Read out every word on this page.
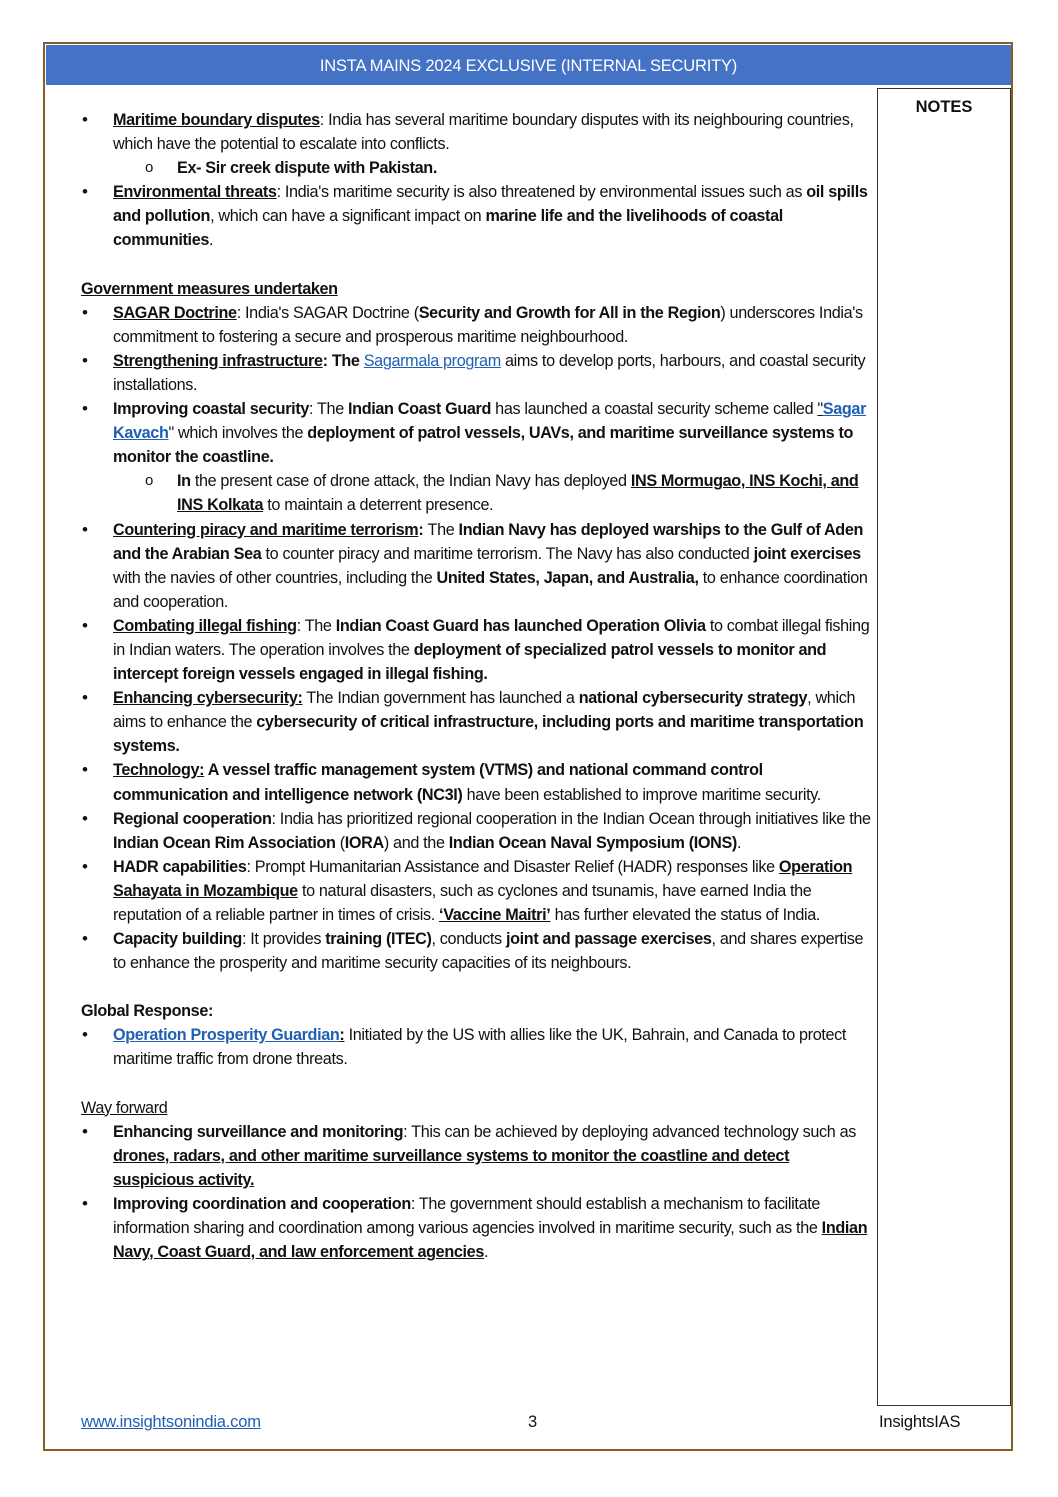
INSTA MAINS 2024 EXCLUSIVE (INTERNAL SECURITY)
NOTES
• Maritime boundary disputes: India has several maritime boundary disputes with its neighbouring countries, which have the potential to escalate into conflicts.
o Ex- Sir creek dispute with Pakistan.
• Environmental threats: India's maritime security is also threatened by environmental issues such as oil spills and pollution, which can have a significant impact on marine life and the livelihoods of coastal communities.
Government measures undertaken
• SAGAR Doctrine: India's SAGAR Doctrine (Security and Growth for All in the Region) underscores India's commitment to fostering a secure and prosperous maritime neighbourhood.
• Strengthening infrastructure: The Sagarmala program aims to develop ports, harbours, and coastal security installations.
• Improving coastal security: The Indian Coast Guard has launched a coastal security scheme called "Sagar Kavach" which involves the deployment of patrol vessels, UAVs, and maritime surveillance systems to monitor the coastline.
o In the present case of drone attack, the Indian Navy has deployed INS Mormugao, INS Kochi, and INS Kolkata to maintain a deterrent presence.
• Countering piracy and maritime terrorism: The Indian Navy has deployed warships to the Gulf of Aden and the Arabian Sea to counter piracy and maritime terrorism. The Navy has also conducted joint exercises with the navies of other countries, including the United States, Japan, and Australia, to enhance coordination and cooperation.
• Combating illegal fishing: The Indian Coast Guard has launched Operation Olivia to combat illegal fishing in Indian waters. The operation involves the deployment of specialized patrol vessels to monitor and intercept foreign vessels engaged in illegal fishing.
• Enhancing cybersecurity: The Indian government has launched a national cybersecurity strategy, which aims to enhance the cybersecurity of critical infrastructure, including ports and maritime transportation systems.
• Technology: A vessel traffic management system (VTMS) and national command control communication and intelligence network (NC3I) have been established to improve maritime security.
• Regional cooperation: India has prioritized regional cooperation in the Indian Ocean through initiatives like the Indian Ocean Rim Association (IORA) and the Indian Ocean Naval Symposium (IONS).
• HADR capabilities: Prompt Humanitarian Assistance and Disaster Relief (HADR) responses like Operation Sahayata in Mozambique to natural disasters, such as cyclones and tsunamis, have earned India the reputation of a reliable partner in times of crisis. ‘Vaccine Maitri’ has further elevated the status of India.
• Capacity building: It provides training (ITEC), conducts joint and passage exercises, and shares expertise to enhance the prosperity and maritime security capacities of its neighbours.
Global Response:
• Operation Prosperity Guardian: Initiated by the US with allies like the UK, Bahrain, and Canada to protect maritime traffic from drone threats.
Way forward
• Enhancing surveillance and monitoring: This can be achieved by deploying advanced technology such as drones, radars, and other maritime surveillance systems to monitor the coastline and detect suspicious activity.
• Improving coordination and cooperation: The government should establish a mechanism to facilitate information sharing and coordination among various agencies involved in maritime security, such as the Indian Navy, Coast Guard, and law enforcement agencies.
www.insightsonindia.com	3	InsightsIAS
